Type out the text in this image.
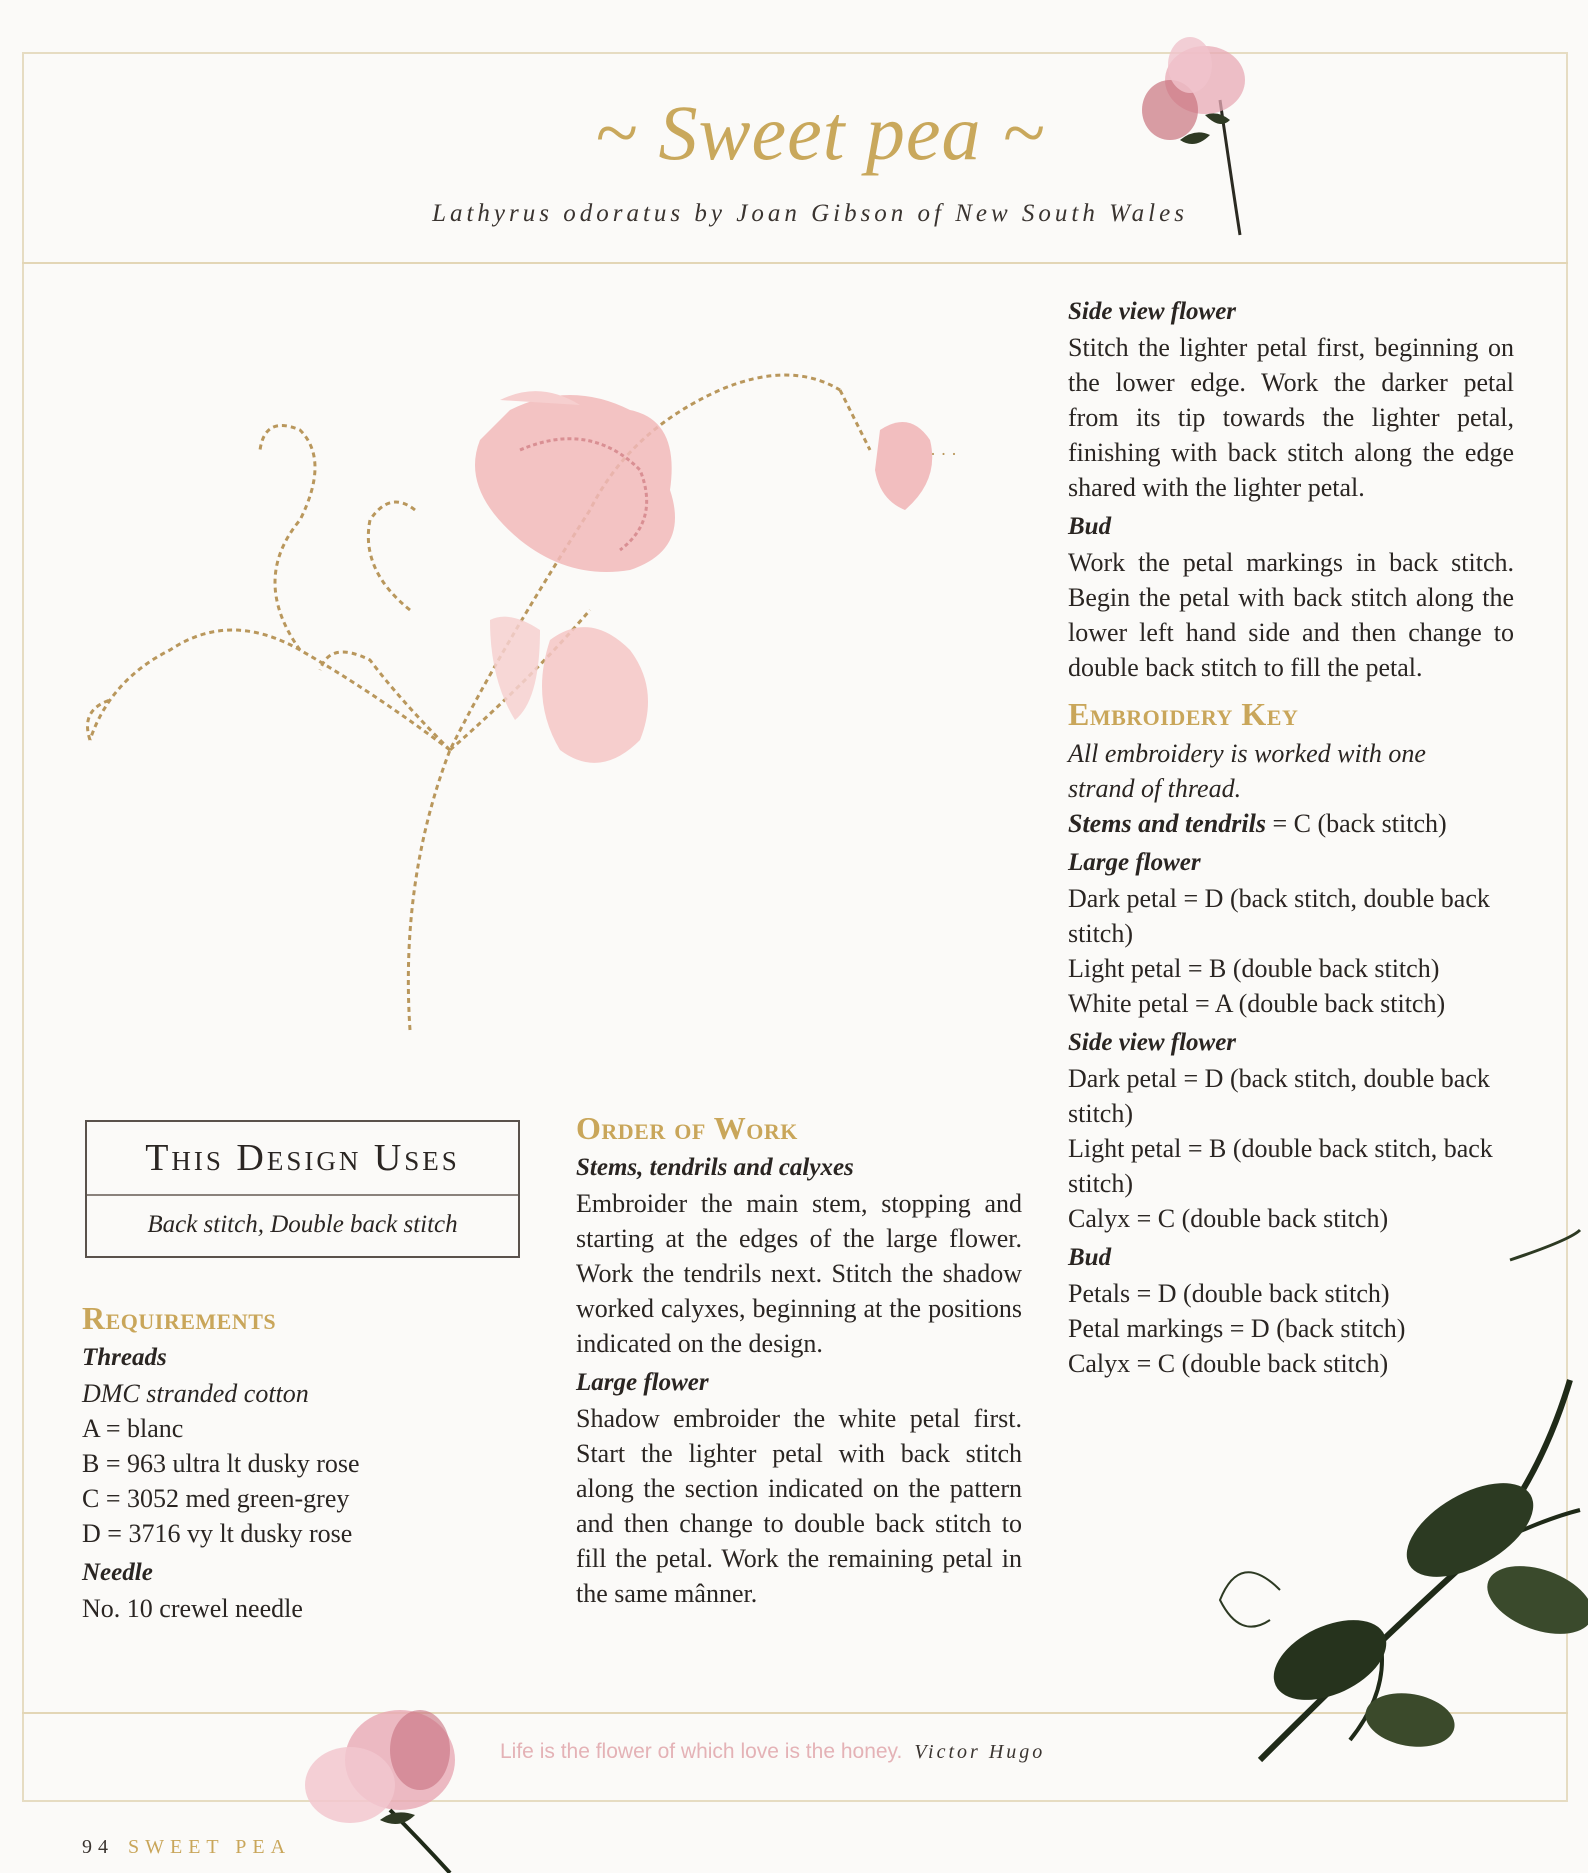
~ Sweet pea ~
Lathyrus odoratus by Joan Gibson of New South Wales
· · ·
This Design Uses
Back stitch, Double back stitch
Requirements
Threads

DMC stranded cotton

A = blanc

B = 963 ultra lt dusky rose

C = 3052 med green-grey

D = 3716 vy lt dusky rose

Needle

No. 10 crewel needle

Order of Work
Stems, tendrils and calyxes

Embroider the main stem, stopping and starting at the edges of the large flower. Work the tendrils next. Stitch the shadow worked calyxes, beginning at the positions indicated on the design.

Large flower

Shadow embroider the white petal first. Start the lighter petal with back stitch along the section indicated on the pattern and then change to double back stitch to fill the petal. Work the remaining petal in the same mânner.

Side view flower

Stitch the lighter petal first, beginning on the lower edge. Work the darker petal from its tip towards the lighter petal, finishing with back stitch along the edge shared with the lighter petal.

Bud

Work the petal markings in back stitch. Begin the petal with back stitch along the lower left hand side and then change to double back stitch to fill the petal.

Embroidery Key

All embroidery is worked with one strand of thread.

Stems and tendrils = C (back stitch)

Large flower

Dark petal = D (back stitch, double back stitch)

Light petal = B (double back stitch)

White petal = A (double back stitch)

Side view flower

Dark petal = D (back stitch, double back stitch)

Light petal = B (double back stitch, back stitch)

Calyx = C (double back stitch)

Bud

Petals = D (double back stitch)

Petal markings = D (back stitch)

Calyx = C (double back stitch)

Life is the flower of which love is the honey. Victor Hugo
94 SWEET PEA
